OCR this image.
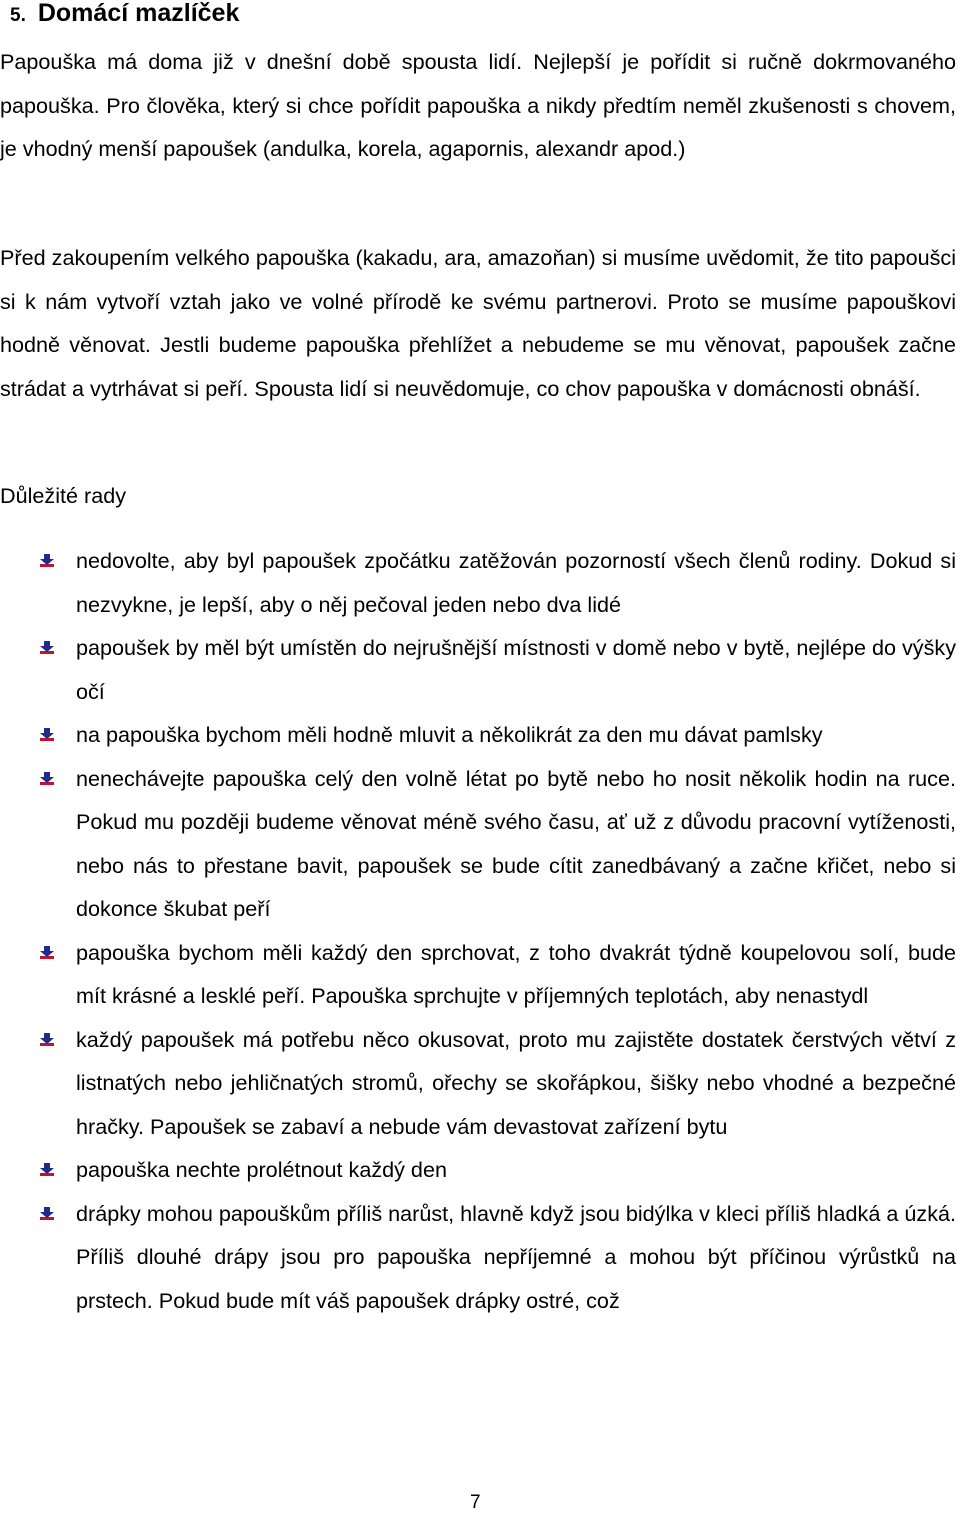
5. Domácí mazlíček
Papouška má doma již v dnešní době spousta lidí. Nejlepší je pořídit si ručně dokrmovaného papouška. Pro člověka, který si chce pořídit papouška a nikdy předtím neměl zkušenosti s chovem, je vhodný menší papoušek (andulka, korela, agapornis, alexandr apod.)
Před zakoupením velkého papouška (kakadu, ara, amazoňan) si musíme uvědomit, že tito papoušci si k nám vytvoří vztah jako ve volné přírodě ke svému partnerovi. Proto se musíme papouškovi hodně věnovat. Jestli budeme papouška přehlížet a nebudeme se mu věnovat, papoušek začne strádat a vytrhávat si peří. Spousta lidí si neuvědomuje, co chov papouška v domácnosti obnáší.
Důležité rady
nedovolte, aby byl papoušek zpočátku zatěžován pozorností všech členů rodiny. Dokud si nezvykne, je lepší, aby o něj pečoval jeden nebo dva lidé
papoušek by měl být umístěn do nejrušnější místnosti v domě nebo v bytě, nejlépe do výšky očí
na papouška bychom měli hodně mluvit a několikrát za den mu dávat pamlsky
nenechávejte papouška celý den volně létat po bytě nebo ho nosit několik hodin na ruce. Pokud mu později budeme věnovat méně svého času, ať už z důvodu pracovní vytíženosti, nebo nás to přestane bavit, papoušek se bude cítit zanedbávaný a začne křičet, nebo si dokonce škubat peří
papouška bychom měli každý den sprchovat, z toho dvakrát týdně koupelovou solí, bude mít krásné a lesklé peří. Papouška sprchujte v příjemných teplotách, aby nenastydl
každý papoušek má potřebu něco okusovat, proto mu zajistěte dostatek čerstvých větví z listnatých nebo jehličnatých stromů, ořechy se skořápkou, šišky nebo vhodné a bezpečné hračky. Papoušek se zabaví a nebude vám devastovat zařízení bytu
papouška nechte prolétnout každý den
drápky mohou papouškům příliš narůst, hlavně když jsou bidýlka v kleci příliš hladká a úzká. Příliš dlouhé drápy jsou pro papouška nepříjemné a mohou být příčinou výrůstků na prstech. Pokud bude mít váš papoušek drápky ostré, což
7
